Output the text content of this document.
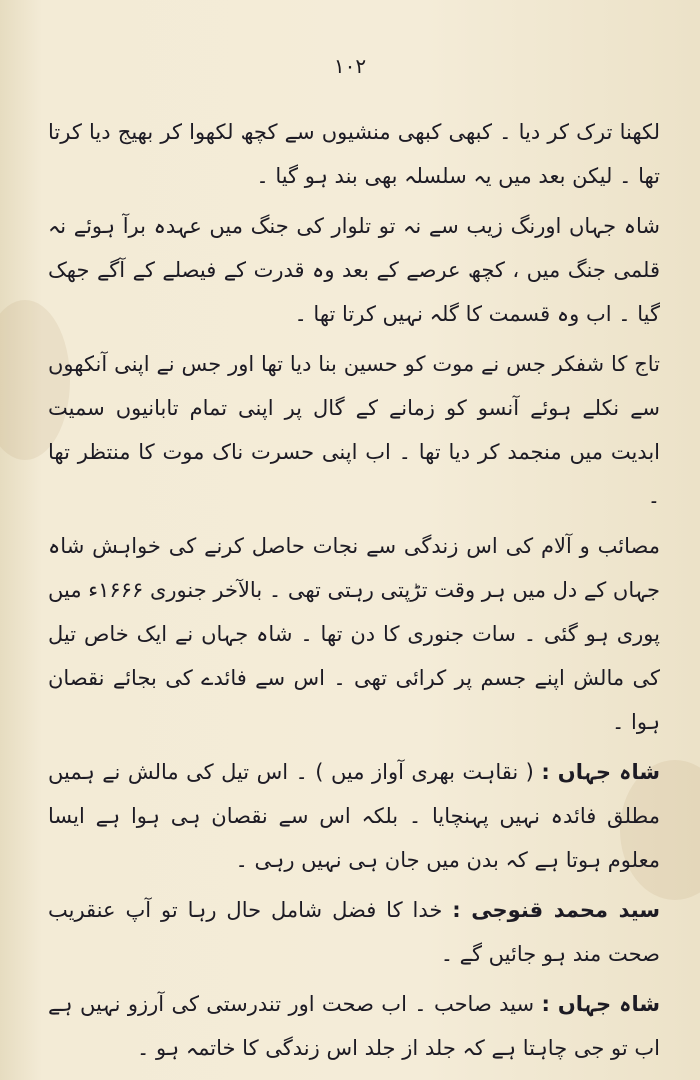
۱۰۲

لکھنا ترک کر دیا ۔ کبھی کبھی منشیوں سے کچھ لکھوا کر بھیج دیا کرتا تھا ۔ لیکن بعد میں یہ سلسلہ بھی بند ہو گیا ۔

شاہ جہاں اورنگ زیب سے نہ تو تلوار کی جنگ میں عہدہ برآ ہوئے نہ قلمی جنگ میں ، کچھ عرصے کے بعد وہ قدرت کے فیصلے کے آگے جھک گیا ۔ اب وہ قسمت کا گلہ نہیں کرتا تھا ۔

تاج کا شفکر جس نے موت کو حسین بنا دیا تھا اور جس نے اپنی آنکھوں سے نکلے ہوئے آنسو کو زمانے کے گال پر اپنی تمام تابانیوں سمیت ابدیت میں منجمد کر دیا تھا ۔ اب اپنی حسرت ناک موت کا منتظر تھا ۔

مصائب و آلام کی اس زندگی سے نجات حاصل کرنے کی خواہش شاہ جہاں کے دل میں ہر وقت تڑپتی رہتی تھی ۔ بالآخر جنوری ۱۶۶۶ء میں پوری ہو گئی ۔ سات جنوری کا دن تھا ۔ شاہ جہاں نے ایک خاص تیل کی مالش اپنے جسم پر کرائی تھی ۔ اس سے فائدے کی بجائے نقصان ہوا ۔

شاہ جہاں : ( نقاہت بھری آواز میں ) ۔ اس تیل کی مالش نے ہمیں مطلق فائدہ نہیں پہنچایا ۔ بلکہ اس سے نقصان ہی ہوا ہے ایسا معلوم ہوتا ہے کہ بدن میں جان ہی نہیں رہی ۔

سید محمد قنوجی : خدا کا فضل شامل حال رہا تو آپ عنقریب صحت مند ہو جائیں گے ۔

شاہ جہاں : سید صاحب ۔ اب صحت اور تندرستی کی آرزو نہیں ہے اب تو جی چاہتا ہے کہ جلد از جلد اس زندگی کا خاتمہ ہو ۔
